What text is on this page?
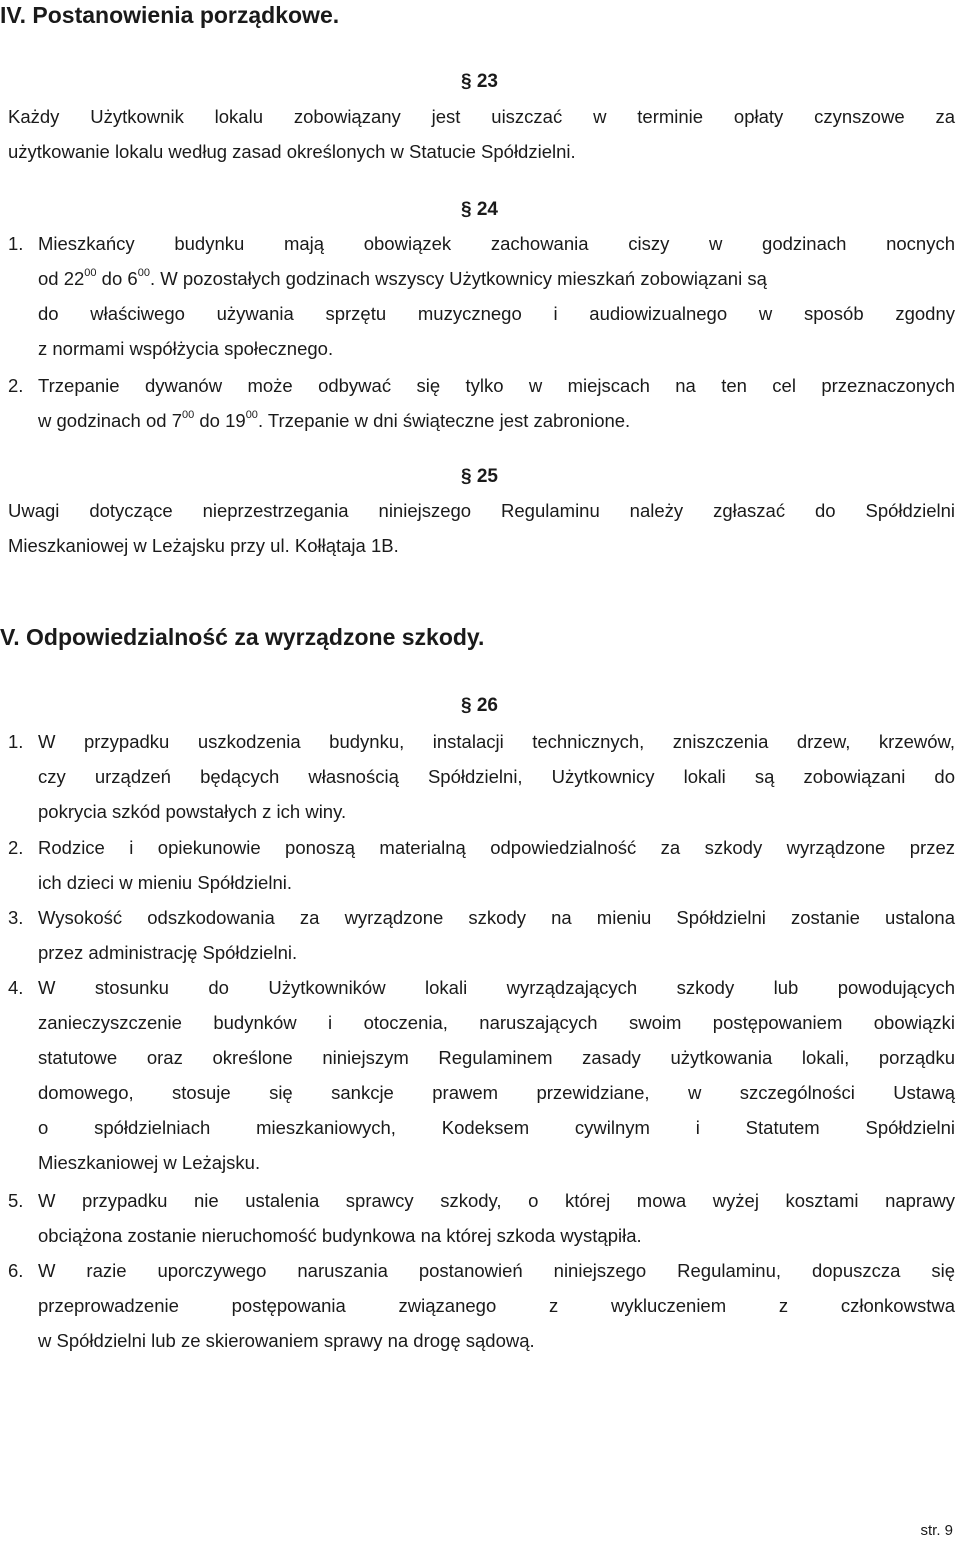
IV. Postanowienia porządkowe.
§ 23
Każdy Użytkownik lokalu zobowiązany jest uiszczać w terminie opłaty czynszowe za
użytkowanie lokalu według zasad określonych w Statucie Spółdzielni.
§ 24
1. Mieszkańcy budynku mają obowiązek zachowania ciszy w godzinach nocnych
od $22^{00}$ do $6^{00}$. W pozostałych godzinach wszyscy Użytkownicy mieszkań zobowiązani są
do właściwego używania sprzętu muzycznego i audiowizualnego w sposób zgodny
z normami współżycia społecznego.
2. Trzepanie dywanów może odbywać się tylko w miejscach na ten cel przeznaczonych
w godzinach od $7^{00}$ do $19^{00}$. Trzepanie w dni świąteczne jest zabronione.
§ 25
Uwagi dotyczące nieprzestrzegania niniejszego Regulaminu należy zgłaszać do Spółdzielni
Mieszkaniowej w Leżajsku przy ul. Kołłątaja 1B.
V. Odpowiedzialność za wyrządzone szkody.
§ 26
1. W przypadku uszkodzenia budynku, instalacji technicznych, zniszczenia drzew, krzewów,
czy urządzeń będących własnością Spółdzielni, Użytkownicy lokali są zobowiązani do
pokrycia szkód powstałych z ich winy.
2. Rodzice i opiekunowie ponoszą materialną odpowiedzialność za szkody wyrządzone przez
ich dzieci w mieniu Spółdzielni.
3. Wysokość odszkodowania za wyrządzone szkody na mieniu Spółdzielni zostanie ustalona
przez administrację Spółdzielni.
4. W stosunku do Użytkowników lokali wyrządzających szkody lub powodujących
zanieczyszczenie budynków i otoczenia, naruszających swoim postępowaniem obowiązki
statutowe oraz określone niniejszym Regulaminem zasady użytkowania lokali, porządku
domowego, stosuje się sankcje prawem przewidziane, w szczególności Ustawą
o spółdzielniach mieszkaniowych, Kodeksem cywilnym i Statutem Spółdzielni
Mieszkaniowej w Leżajsku.
5. W przypadku nie ustalenia sprawcy szkody, o której mowa wyżej kosztami naprawy
obciążona zostanie nieruchomość budynkowa na której szkoda wystąpiła.
6. W razie uporczywego naruszania postanowień niniejszego Regulaminu, dopuszcza się
przeprowadzenie postępowania związanego z wykluczeniem z członkowstwa
w Spółdzielni lub ze skierowaniem sprawy na drogę sądową.
str. 9
